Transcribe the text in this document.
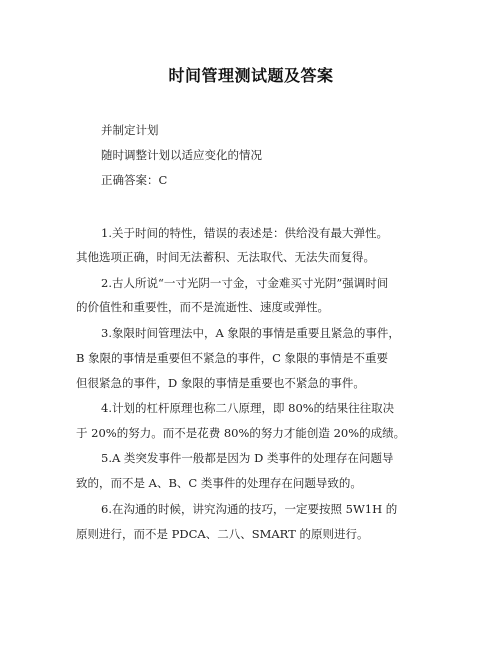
时间管理测试题及答案
并制定计划
随时调整计划以适应变化的情况
正确答案：C
1.关于时间的特性，错误的表述是：供给没有最大弹性。
其他选项正确，时间无法蓄积、无法取代、无法失而复得。
2.古人所说“一寸光阴一寸金，寸金难买寸光阴”强调时间
的价值性和重要性，而不是流逝性、速度或弹性。
3.象限时间管理法中，A 象限的事情是重要且紧急的事件，
B 象限的事情是重要但不紧急的事件，C 象限的事情是不重要
但很紧急的事件，D 象限的事情是重要也不紧急的事件。
4.计划的杠杆原理也称二八原理，即 80%的结果往往取决
于 20%的努力。而不是花费 80%的努力才能创造 20%的成绩。
5.A 类突发事件一般都是因为 D 类事件的处理存在问题导
致的，而不是 A、B、C 类事件的处理存在问题导致的。
6.在沟通的时候，讲究沟通的技巧，一定要按照 5W1H 的
原则进行，而不是 PDCA、二八、SMART 的原则进行。
